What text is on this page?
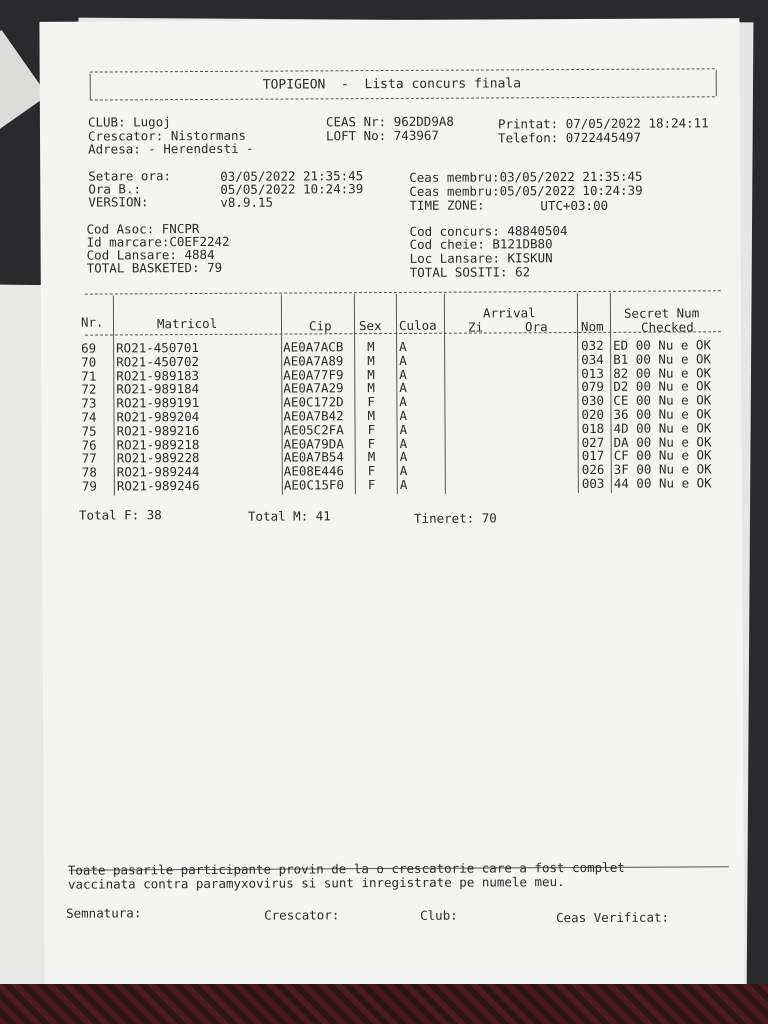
TOPIGEON  -  Lista concurs finala
CLUB: Lugoj
Crescator: Nistormans
Adresa: - Herendesti -
CEAS Nr: 962DD9A8
LOFT No: 743967
Printat: 07/05/2022 18:24:11
Telefon: 0722445497
Setare ora:	03/05/2022 21:35:45
Ora B.:	05/05/2022 10:24:39
VERSION:	v8.9.15
Ceas membru:03/05/2022 21:35:45
Ceas membru:05/05/2022 10:24:39
TIME ZONE:	UTC+03:00
Cod Asoc: FNCPR
Id marcare:C0EF2242
Cod Lansare: 4884
TOTAL BASKETED: 79
Cod concurs: 48840504
Cod cheie: B121DB80
Loc Lansare: KISKUN
TOTAL SOSITI: 62
Nr.	Matricol	Cip Sex Culoa
Arrival
Zi	Ora	Nom
Secret Num
Checked
69 RO21-450701	AE0A7ACB M A	032 ED 00 Nu e OK
70 RO21-450702	AE0A7A89 M A	034 B1 00 Nu e OK
71 RO21-989183	AE0A77F9 M A	013 82 00 Nu e OK
72 RO21-989184	AE0A7A29 M A	079 D2 00 Nu e OK
73 RO21-989191	AE0C172D F A	030 CE 00 Nu e OK
74 RO21-989204	AE0A7B42 M A	020 36 00 Nu e OK
75 RO21-989216	AE05C2FA F A	018 4D 00 Nu e OK
76 RO21-989218	AE0A79DA F A	027 DA 00 Nu e OK
77 RO21-989228	AE0A7B54 M A	017 CF 00 Nu e OK
78 RO21-989244	AE08E446 F A	026 3F 00 Nu e OK
79 RO21-989246	AE0C15F0 F A	003 44 00 Nu e OK
Total F: 38	Total M: 41	Tineret: 70
Toate pasarile participante provin de la o crescatorie care a fost complet
vaccinata contra paramyxovirus si sunt inregistrate pe numele meu.
Semnatura:	Crescator:	Club:	Ceas Verificat:
